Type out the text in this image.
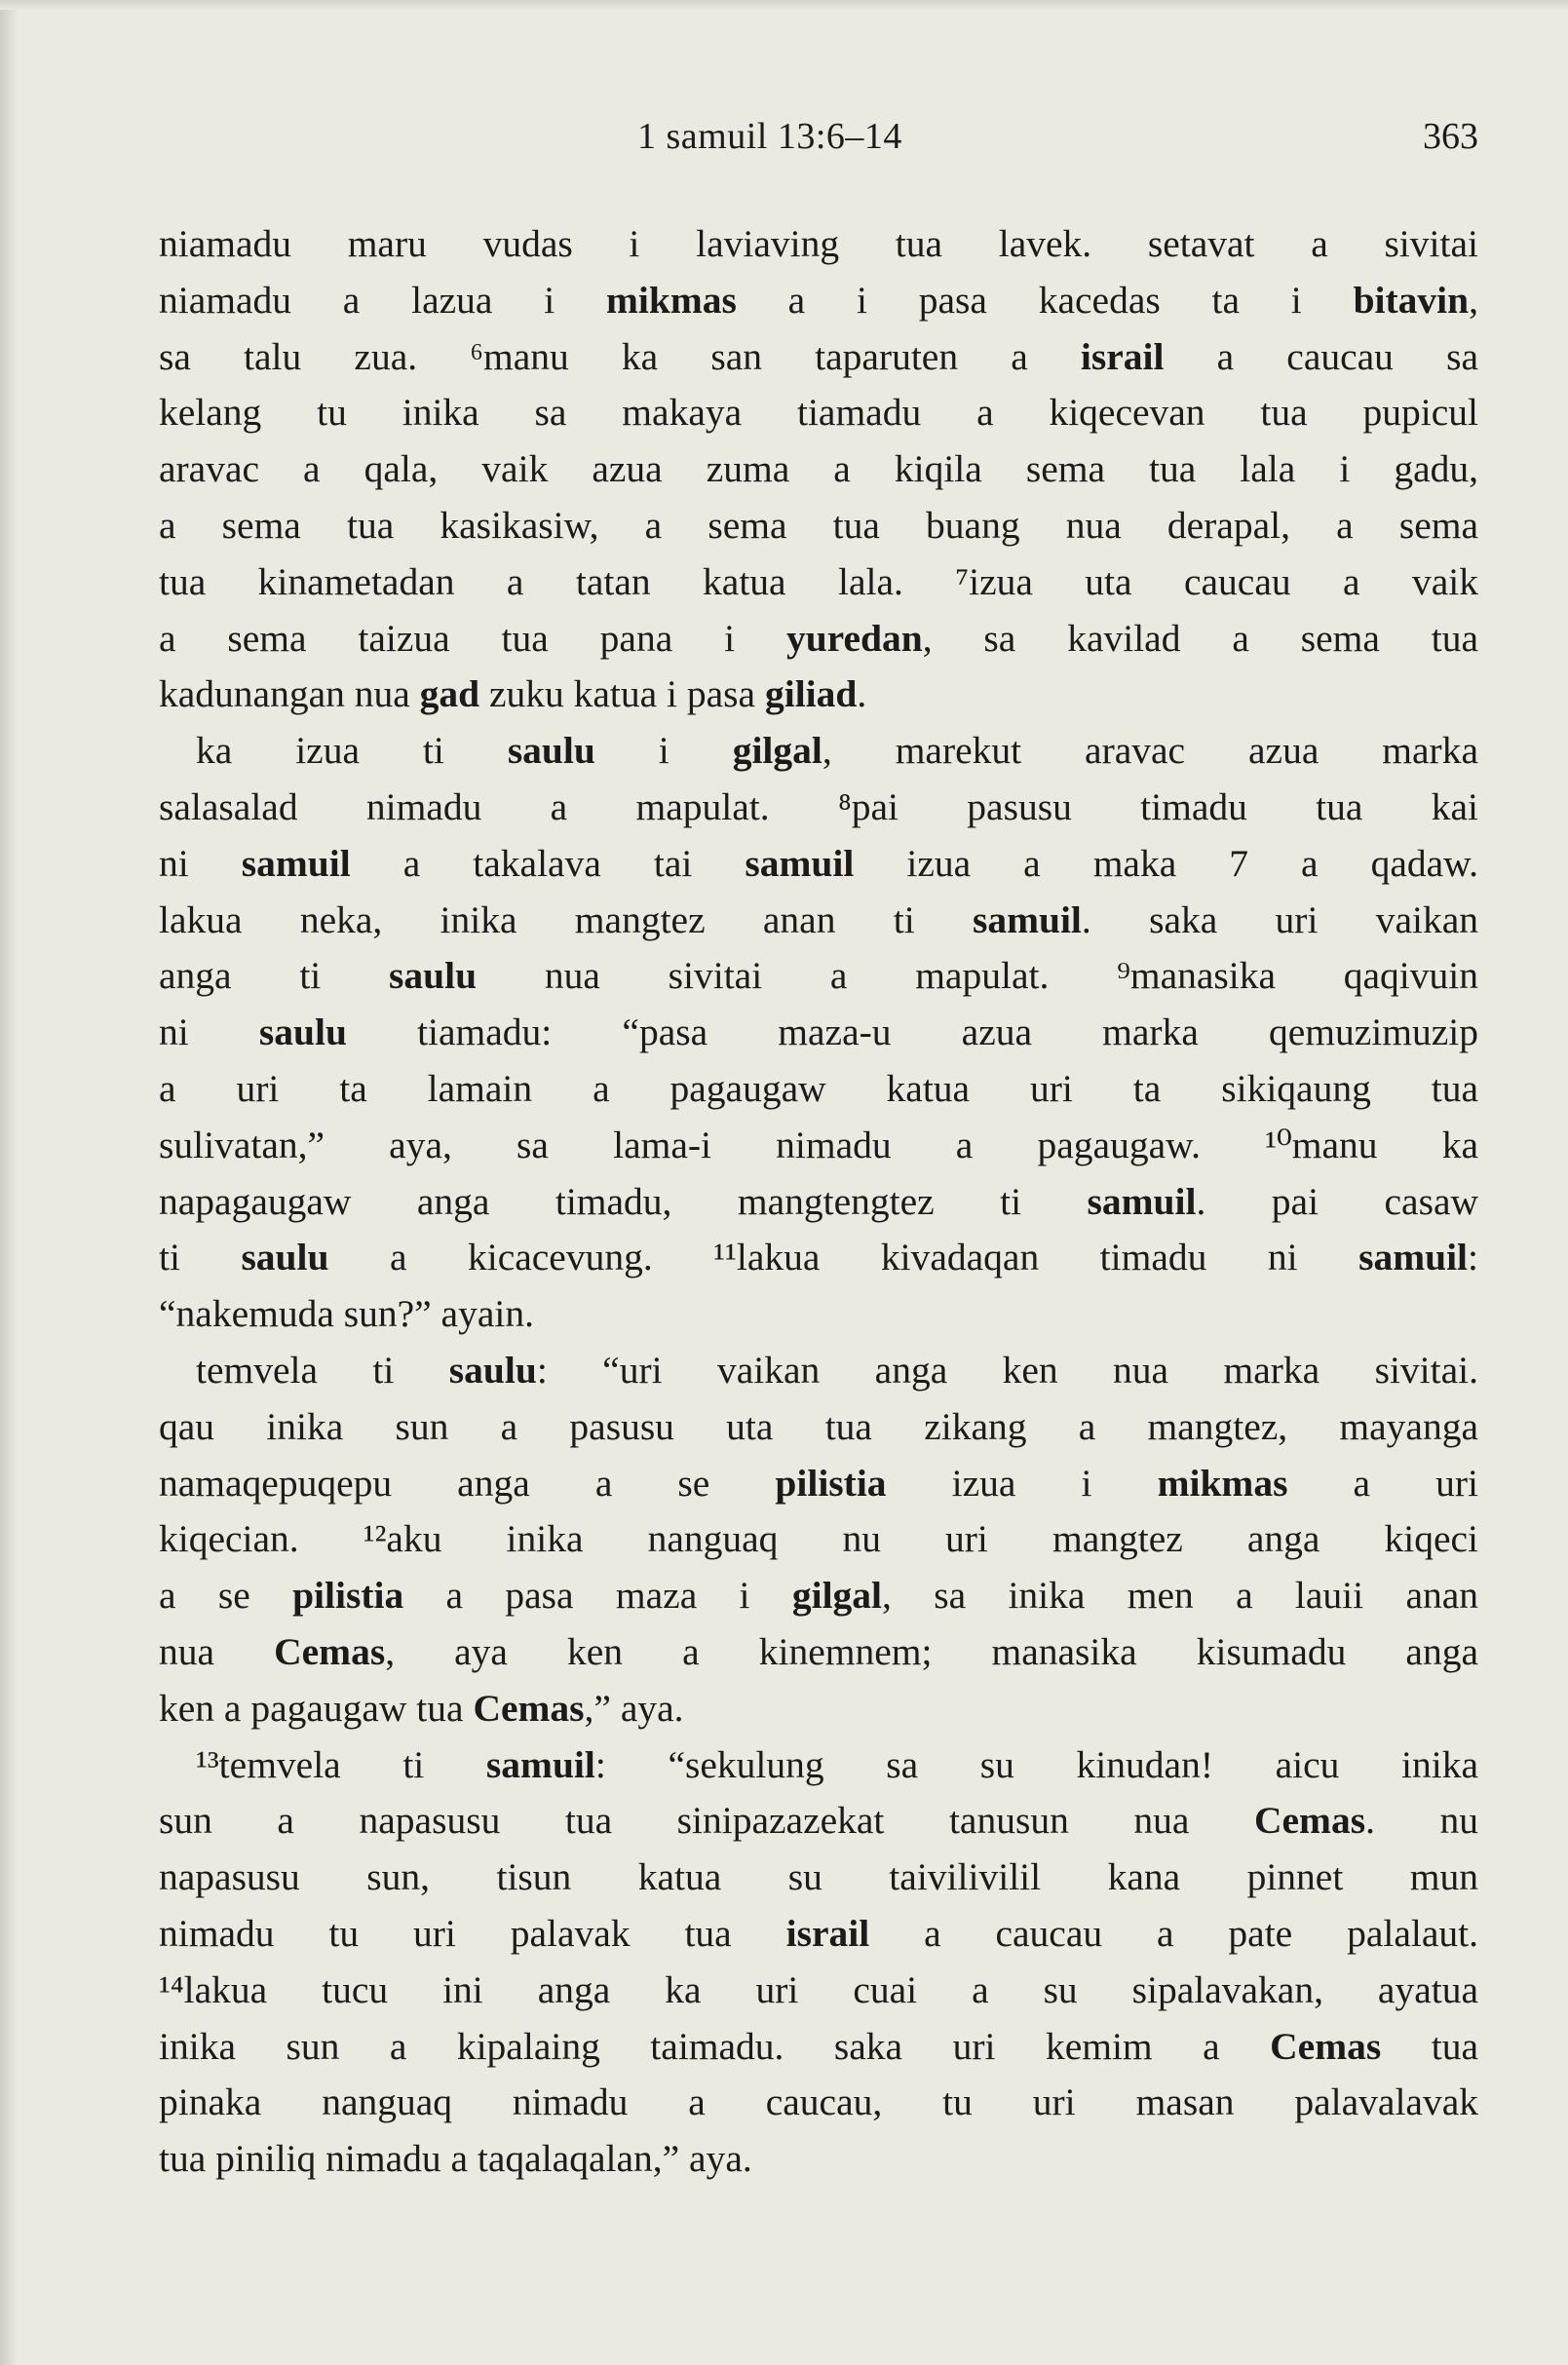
1 samuil 13:6–14	363
niamadu maru vudas i laviaving tua lavek. setavat a sivitai
niamadu a lazua i mikmas a i pasa kacedas ta i bitavin,
sa talu zua. ⁶manu ka san taparuten a israil a caucau sa
kelang tu inika sa makaya tiamadu a kiqecevan tua pupicul
aravac a qala, vaik azua zuma a kiqila sema tua lala i gadu,
a sema tua kasikasiw, a sema tua buang nua derapal, a sema
tua kinametadan a tatan katua lala. ⁷izua uta caucau a vaik
a sema taizua tua pana i yuredan, sa kavilad a sema tua
kadunangan nua gad zuku katua i pasa giliad.
ka izua ti saulu i gilgal, marekut aravac azua marka
salasalad nimadu a mapulat. ⁸pai pasusu timadu tua kai
ni samuil a takalava tai samuil izua a maka 7 a qadaw.
lakua neka, inika mangtez anan ti samuil. saka uri vaikan
anga ti saulu nua sivitai a mapulat. ⁹manasika qaqivuin
ni saulu tiamadu: “pasa maza-u azua marka qemuzimuzip
a uri ta lamain a pagaugaw katua uri ta sikiqaung tua
sulivatan,” aya, sa lama-i nimadu a pagaugaw. ¹⁰manu ka
napagaugaw anga timadu, mangtengtez ti samuil. pai casaw
ti saulu a kicacevung. ¹¹lakua kivadaqan timadu ni samuil:
“nakemuda sun?” ayain.
temvela ti saulu: “uri vaikan anga ken nua marka sivitai.
qau inika sun a pasusu uta tua zikang a mangtez, mayanga
namaqepuqepu anga a se pilistia izua i mikmas a uri
kiqecian. ¹²aku inika nanguaq nu uri mangtez anga kiqeci
a se pilistia a pasa maza i gilgal, sa inika men a lauii anan
nua Cemas, aya ken a kinemnem; manasika kisumadu anga
ken a pagaugaw tua Cemas,” aya.
¹³temvela ti samuil: “sekulung sa su kinudan! aicu inika
sun a napasusu tua sinipazazekat tanusun nua Cemas. nu
napasusu sun, tisun katua su taivilivilil kana pinnet mun
nimadu tu uri palavak tua israil a caucau a pate palalaut.
¹⁴lakua tucu ini anga ka uri cuai a su sipalavakan, ayatua
inika sun a kipalaing taimadu. saka uri kemim a Cemas tua
pinaka nanguaq nimadu a caucau, tu uri masan palavalavak
tua piniliq nimadu a taqalaqalan,” aya.
